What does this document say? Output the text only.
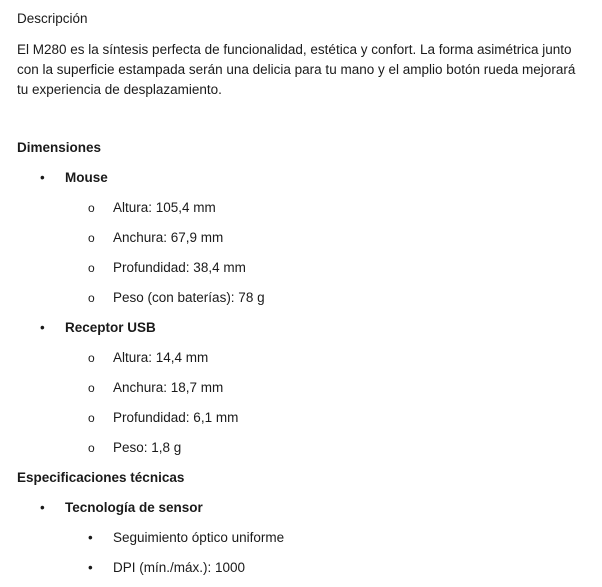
Descripción

El M280 es la síntesis perfecta de funcionalidad, estética y confort. La forma asimétrica junto con la superficie estampada serán una delicia para tu mano y el amplio botón rueda mejorará tu experiencia de desplazamiento.

Dimensiones
• Mouse
o Altura: 105,4 mm
o Anchura: 67,9 mm
o Profundidad: 38,4 mm
o Peso (con baterías): 78 g
• Receptor USB
o Altura: 14,4 mm
o Anchura: 18,7 mm
o Profundidad: 6,1 mm
o Peso: 1,8 g
Especificaciones técnicas
• Tecnología de sensor
• Seguimiento óptico uniforme
• DPI (mín./máx.): 1000
